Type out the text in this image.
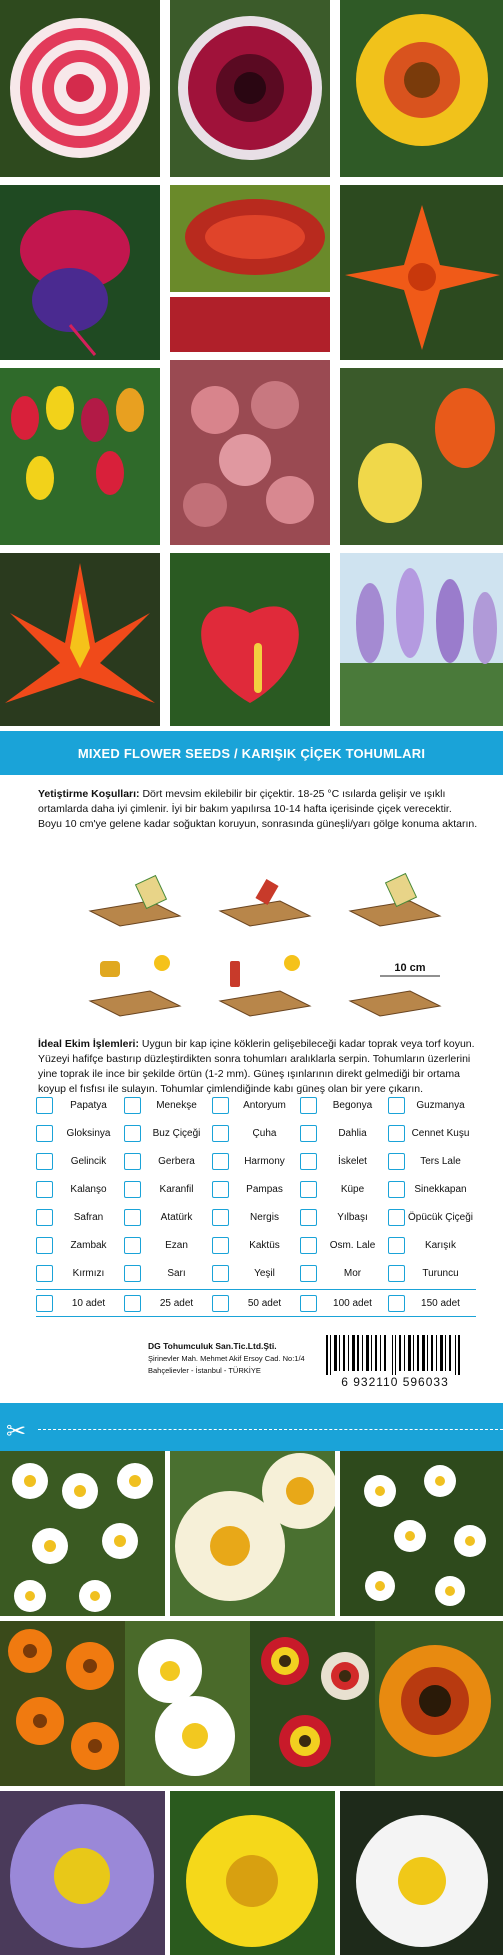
MIXED FLOWER SEEDS / KARIŞIK ÇİÇEK TOHUMLARI

Yetiştirme Koşulları: Dört mevsim ekilebilir bir çiçektir. 18-25 °C ısılarda gelişir ve ışıklı ortamlarda daha iyi çimlenir. İyi bir bakım yapılırsa 10-14 hafta içerisinde çiçek verecektir. Boyu 10 cm'ye gelene kadar soğuktan koruyun, sonrasında güneşli/yarı gölge konuma aktarın.

10 cm

İdeal Ekim İşlemleri: Uygun bir kap içine köklerin gelişebileceği kadar toprak veya torf koyun. Yüzeyi hafifçe bastırıp düzleştirdikten sonra tohumları aralıklarla serpin. Tohumların üzerlerini yine toprak ile ince bir şekilde örtün (1-2 mm). Güneş ışınlarının direkt gelmediği bir ortama koyup el fısfısı ile sulayın. Tohumlar çimlendiğinde kabı güneş olan bir yere çıkarın.

Papatya	Menekşe	Antoryum	Begonya	Guzmanya
Gloksinya	Buz Çiçeği	Çuha	Dahlia	Cennet Kuşu
Gelincik	Gerbera	Harmony	İskelet	Ters Lale
Kalanşo	Karanfil	Pampas	Küpe	Sinekkapan
Safran	Atatürk	Nergis	Yılbaşı	Öpücük Çiçeği
Zambak	Ezan	Kaktüs	Osm. Lale	Karışık
Kırmızı	Sarı	Yeşil	Mor	Turuncu
10 adet	25 adet	50 adet	100 adet	150 adet
DG Tohumculuk San.Tic.Ltd.Şti.
Şirinevler Mah. Mehmet Akif Ersoy Cad. No:1/4
Bahçelievler - İstanbul - TÜRKİYE
6 932110 596033
✂
